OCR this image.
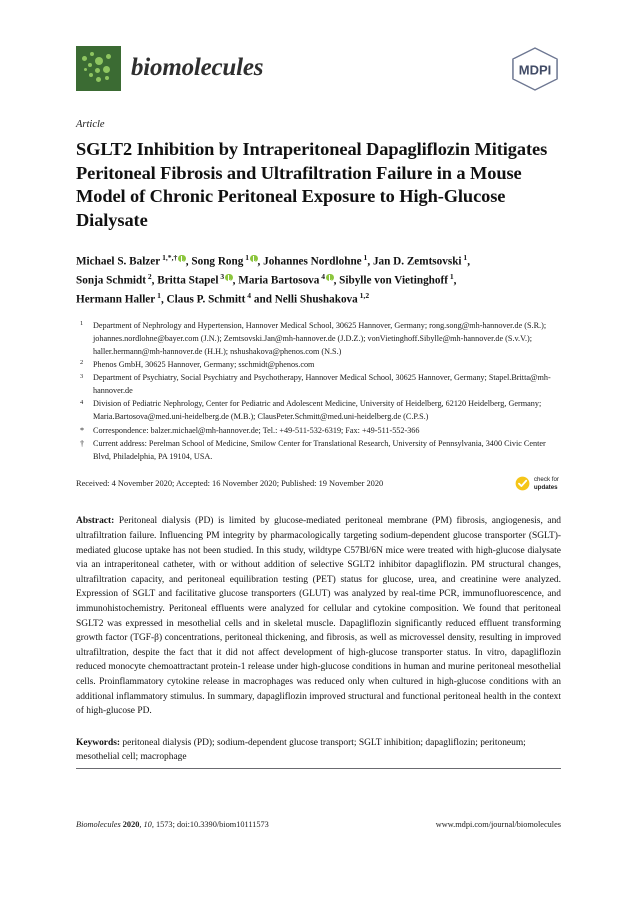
biomolecules	MDPI
Article
SGLT2 Inhibition by Intraperitoneal Dapagliflozin Mitigates Peritoneal Fibrosis and Ultrafiltration Failure in a Mouse Model of Chronic Peritoneal Exposure to High-Glucose Dialysate
Michael S. Balzer $^{1,*,\dagger}$ , Song Rong $^1$ , Johannes Nordlohne $^1$, Jan D. Zemtsovski $^1$,
Sonja Schmidt $^2$, Britta Stapel $^3$ , Maria Bartosova $^4$ , Sibylle von Vietinghoff $^1$,
Hermann Haller $^1$, Claus P. Schmitt $^4$ and Nelli Shushakova $^{1,2}$
1	Department of Nephrology and Hypertension, Hannover Medical School, 30625 Hannover, Germany; rong.song@mh-hannover.de (S.R.); johannes.nordlohne@bayer.com (J.N.); Zemtsovski.Jan@mh-hannover.de (J.D.Z.); vonVietinghoff.Sibylle@mh-hannover.de (S.v.V.); haller.hermann@mh-hannover.de (H.H.); nshushakova@phenos.com (N.S.)
2	Phenos GmbH, 30625 Hannover, Germany; sschmidt@phenos.com
3	Department of Psychiatry, Social Psychiatry and Psychotherapy, Hannover Medical School, 30625 Hannover, Germany; Stapel.Britta@mh-hannover.de
4	Division of Pediatric Nephrology, Center for Pediatric and Adolescent Medicine, University of Heidelberg, 62120 Heidelberg, Germany; Maria.Bartosova@med.uni-heidelberg.de (M.B.); ClausPeter.Schmitt@med.uni-heidelberg.de (C.P.S.)
*	Correspondence: balzer.michael@mh-hannover.de; Tel.: +49-511-532-6319; Fax: +49-511-552-366
†	Current address: Perelman School of Medicine, Smilow Center for Translational Research, University of Pennsylvania, 3400 Civic Center Blvd, Philadelphia, PA 19104, USA.
Received: 4 November 2020; Accepted: 16 November 2020; Published: 19 November 2020	check for
updates
Abstract: Peritoneal dialysis (PD) is limited by glucose-mediated peritoneal membrane (PM) fibrosis, angiogenesis, and ultrafiltration failure. Influencing PM integrity by pharmacologically targeting sodium-dependent glucose transporter (SGLT)-mediated glucose uptake has not been studied. In this study, wildtype C57Bl/6N mice were treated with high-glucose dialysate via an intraperitoneal catheter, with or without addition of selective SGLT2 inhibitor dapagliflozin. PM structural changes, ultrafiltration capacity, and peritoneal equilibration testing (PET) status for glucose, urea, and creatinine were analyzed. Expression of SGLT and facilitative glucose transporters (GLUT) was analyzed by real-time PCR, immunofluorescence, and immunohistochemistry. Peritoneal effluents were analyzed for cellular and cytokine composition. We found that peritoneal SGLT2 was expressed in mesothelial cells and in skeletal muscle. Dapagliflozin significantly reduced effluent transforming growth factor (TGF-β) concentrations, peritoneal thickening, and fibrosis, as well as microvessel density, resulting in improved ultrafiltration, despite the fact that it did not affect development of high-glucose transporter status. In vitro, dapagliflozin reduced monocyte chemoattractant protein-1 release under high-glucose conditions in human and murine peritoneal mesothelial cells. Proinflammatory cytokine release in macrophages was reduced only when cultured in high-glucose conditions with an additional inflammatory stimulus. In summary, dapagliflozin improved structural and functional peritoneal health in the context of high-glucose PD.
Keywords: peritoneal dialysis (PD); sodium-dependent glucose transport; SGLT inhibition; dapagliflozin; peritoneum; mesothelial cell; macrophage
Biomolecules 2020, 10, 1573; doi:10.3390/biom10111573	www.mdpi.com/journal/biomolecules
